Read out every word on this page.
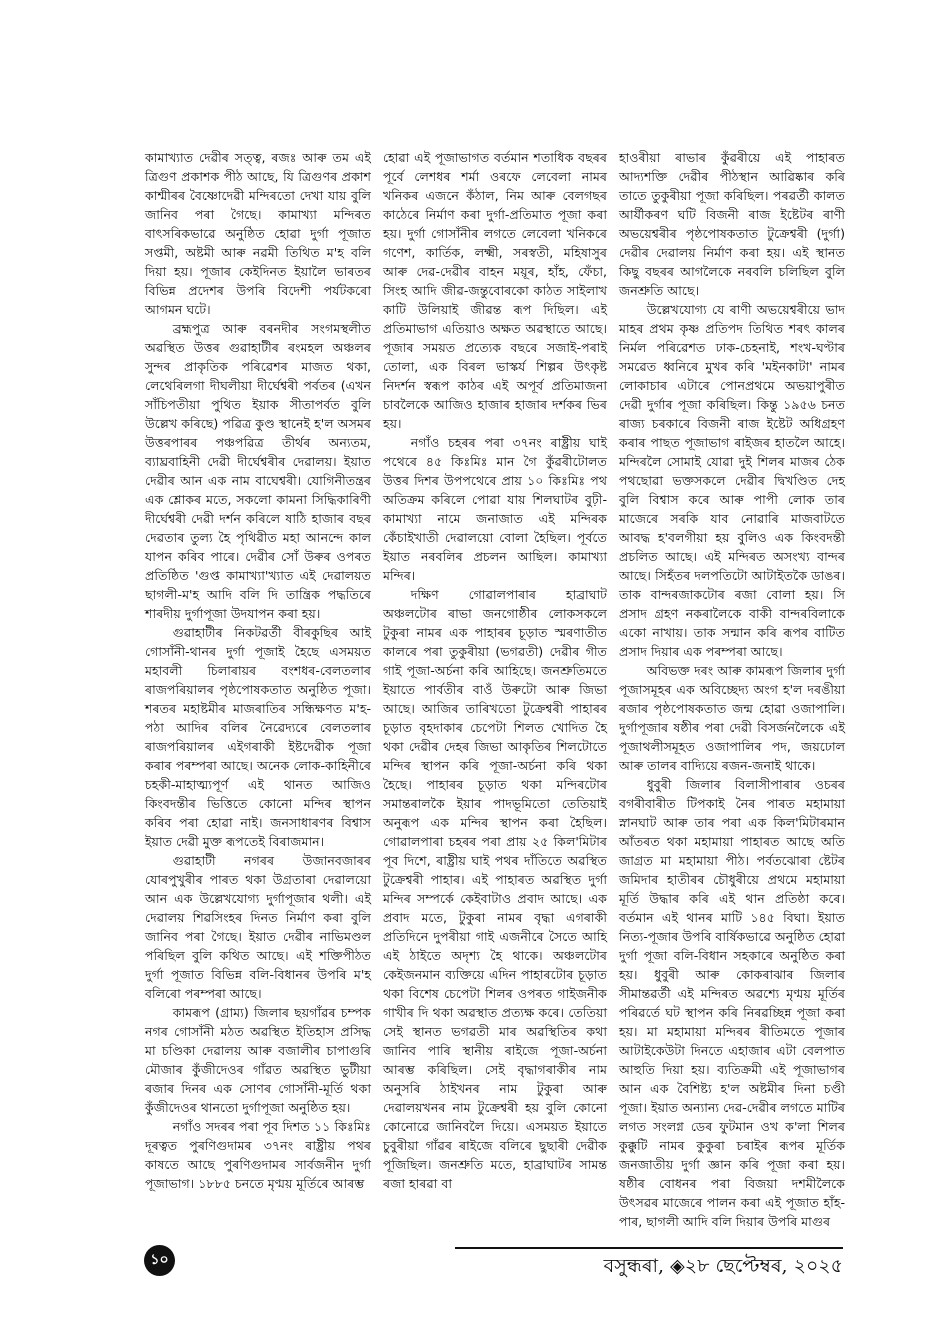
কামাখ্যাত দেৱীৰ সত্ত্ব, ৰজঃ আৰু তম এই ত্ৰিগুণ প্ৰকাশক পীঠ আছে, যি ত্ৰিগুণৰ প্ৰকাশ কাশ্মীৰৰ বৈষ্ণোদেৱী মন্দিৰতো দেখা যায় বুলি জানিব পৰা গৈছে। কামাখ্যা মন্দিৰত বাৎসৰিকভাৱে অনুষ্ঠিত হোৱা দুৰ্গা পূজাত সপ্তমী, অষ্টমী আৰু নৱমী তিথিত ম'হ বলি দিয়া হয়। পূজাৰ কেইদিনত ইয়ালৈ ভাৰতৰ বিভিন্ন প্ৰদেশৰ উপৰি বিদেশী পৰ্যটকৰো আগমন ঘটে।

ব্ৰহ্মপুত্ৰ আৰু বৰনদীৰ সংগমস্থলীত অৱস্থিত উত্তৰ গুৱাহাটীৰ ৰংমহল অঞ্চলৰ সুন্দৰ প্ৰাকৃতিক পৰিৱেশৰ মাজত থকা, লেথেৰিলগা দীঘলীয়া দীৰ্ঘেশ্বৰী পৰ্বতৰ (এখন সাঁচিপতীয়া পুথিত ইয়াক সীতাপৰ্বত বুলি উল্লেখ কৰিছে) পৱিত্ৰ কুণ্ড স্থানেই হ'ল অসমৰ উত্তৰপাৰৰ পঞ্চপৱিত্ৰ তীৰ্থৰ অন্যতম, ব্যাঘ্ৰবাহিনী দেৱী দীৰ্ঘেশ্বৰীৰ দেৱালয়। ইয়াত দেৱীৰ আন এক নাম বাঘেশ্বৰী। যোগিনীতন্ত্ৰৰ এক শ্লোকৰ মতে, সকলো কামনা সিদ্ধিকাৰিণী দীৰ্ঘেশ্বৰী দেৱী দৰ্শন কৰিলে ষাঠি হাজাৰ বছৰ দেৱতাৰ তুল্য হৈ পৃথিৱীত মহা আনন্দে কাল যাপন কৰিব পাৰে। দেৱীৰ সোঁ উৰুৰ ওপৰত প্ৰতিষ্ঠিত 'গুপ্ত কামাখ্যা'খ্যাত এই দেৱালয়ত ছাগলী-ম'হ আদি বলি দি তান্ত্ৰিক পদ্ধতিৰে শাৰদীয় দুৰ্গাপূজা উদযাপন কৰা হয়।

গুৱাহাটীৰ নিকটৱৰ্তী বীৰকুছিৰ আই গোসাঁনী-থানৰ দুৰ্গা পূজাই হৈছে এসময়ত মহাবলী চিলাৰায়ৰ বংশধৰ-বেলতলাৰ ৰাজপৰিয়ালৰ পৃষ্ঠপোষকতাত অনুষ্ঠিত পূজা। শৰতৰ মহাষ্টমীৰ মাজৰাতিৰ সন্ধিক্ষণত ম'হ-পঠা আদিৰ বলিৰ নৈৱেদ্যৰে বেলতলাৰ ৰাজপৰিয়ালৰ এইগৰাকী ইষ্টদেৱীক পূজা কৰাৰ পৰম্পৰা আছে। অনেক লোক-কাহিনীৰে চহকী-মাহাত্ম্যপূৰ্ণ এই থানত আজিও কিংবদন্তীৰ ভিত্তিতে কোনো মন্দিৰ স্থাপন কৰিব পৰা হোৱা নাই। জনসাধাৰণৰ বিশ্বাস ইয়াত দেৱী মুক্ত ৰূপতেই বিৰাজমান।

গুৱাহাটী নগৰৰ উজানবজাৰৰ যোৰপুখুৰীৰ পাৰত থকা উগ্ৰতাৰা দেৱালয়ো আন এক উল্লেখযোগ্য দুৰ্গাপূজাৰ থলী। এই দেৱালয় শিৱসিংহৰ দিনত নিৰ্মাণ কৰা বুলি জানিব পৰা গৈছে। ইয়াত দেৱীৰ নাভিমণ্ডল পৰিছিল বুলি কথিত আছে। এই শক্তিপীঠত দুৰ্গা পূজাত বিভিন্ন বলি-বিধানৰ উপৰি ম'হ বলিৰো পৰম্পৰা আছে।

কামৰূপ (গ্ৰাম্য) জিলাৰ ছয়গাঁৱৰ চম্পক নগৰ গোসাঁনী মঠত অৱস্থিত ইতিহাস প্ৰসিদ্ধ মা চণ্ডিকা দেৱালয় আৰু বজালীৰ চাপাগুৰি মৌজাৰ কুঁজীদেওৰ গাঁৱত অৱস্থিত ভুটীয়া ৰজাৰ দিনৰ এক সোণৰ গোসাঁনী-মূৰ্তি থকা কুঁজীদেওৰ থানতো দুৰ্গাপূজা অনুষ্ঠিত হয়।

নগাঁও সদৰৰ পৰা পূব দিশত ১১ কিঃমিঃ দূৰত্বত পুৰণিগুদামৰ ৩৭নং ৰাষ্ট্ৰীয় পথৰ কাষতে আছে পুৰণিগুদামৰ সাৰ্বজনীন দুৰ্গা পূজাভাগ। ১৮৮৫ চনতে মৃণ্ময় মূৰ্তিৰে আৰম্ভ

হোৱা এই পূজাভাগত বৰ্তমান শতাধিক বছৰৰ পূৰ্বে লেশধৰ শৰ্মা ওৰফে লেবেলা নামৰ খনিকৰ এজনে কঁঠাল, নিম আৰু বেলগছৰ কাঠেৰে নিৰ্মাণ কৰা দুৰ্গা-প্ৰতিমাত পূজা কৰা হয়। দুৰ্গা গোসাঁনীৰ লগতে লেবেলা খনিকৰে গণেশ, কাৰ্তিক, লক্ষ্মী, সৰস্বতী, মহিষাসুৰ আৰু দেৱ-দেৱীৰ বাহন ময়ূৰ, হাঁহ, ফেঁচা, সিংহ আদি জীৱ-জন্তুবোৰকো কাঠত সাইলাখ কাটি উলিয়াই জীৱন্ত ৰূপ দিছিল। এই প্ৰতিমাভাগ এতিয়াও অক্ষত অৱস্থাতে আছে। পূজাৰ সময়ত প্ৰত্যেক বছৰে সজাই-পৰাই তোলা, এক বিৰল ভাস্কৰ্য শিল্পৰ উৎকৃষ্ট নিদৰ্শন স্বৰূপ কাঠৰ এই অপূৰ্ব প্ৰতিমাজনা চাবলৈকে আজিও হাজাৰ হাজাৰ দৰ্শকৰ ভিৰ হয়।

নগাঁও চহৰৰ পৰা ৩৭নং ৰাষ্ট্ৰীয় ঘাই পথেৰে ৪৫ কিঃমিঃ মান গৈ কুঁৱৰীটোলত উত্তৰ দিশৰ উপপথেৰে প্ৰায় ১০ কিঃমিঃ পথ অতিক্ৰম কৰিলে পোৱা যায় শিলঘাটৰ বুঢ়ী-কামাখ্যা নামে জনাজাত এই মন্দিৰক কেঁচাইখাতী দেৱালয়ো বোলা হৈছিল। পূৰ্বতে ইয়াত নৰবলিৰ প্ৰচলন আছিল। কামাখ্যা মন্দিৰ।

দক্ষিণ গোৱালপাৰাৰ হাব্ৰাঘাট অঞ্চলটোৰ ৰাভা জনগোষ্ঠীৰ লোকসকলে টুকুৰা নামৰ এক পাহাৰৰ চূড়াত স্মৰণাতীত কালৰে পৰা তুকুৰীয়া (ভগৱতী) দেৱীৰ গীত গাই পূজা-অৰ্চনা কৰি আহিছে। জনশ্ৰুতিমতে ইয়াতে পাৰ্বতীৰ বাওঁ উৰুটো আৰু জিভা আছে। আজিৰ তাৰিখতো টুক্ৰেশ্বৰী পাহাৰৰ চূড়াত বৃহদাকাৰ চেপেটা শিলত খোদিত হৈ থকা দেৱীৰ দেহৰ জিভা আকৃতিৰ শিলটোতে মন্দিৰ স্থাপন কৰি পূজা-অৰ্চনা কৰি থকা হৈছে। পাহাৰৰ চূড়াত থকা মন্দিৰটোৰ সমান্তৰালকৈ ইয়াৰ পাদভূমিতো তেতিয়াই অনুৰূপ এক মন্দিৰ স্থাপন কৰা হৈছিল। গোৱালপাৰা চহৰৰ পৰা প্ৰায় ২৫ কিল'মিটাৰ পূব দিশে, ৰাষ্ট্ৰীয় ঘাই পথৰ দাঁতিতে অৱস্থিত টুক্ৰেশ্বৰী পাহাৰ। এই পাহাৰত অৱস্থিত দুৰ্গা মন্দিৰ সম্পৰ্কে কেইবাটাও প্ৰবাদ আছে। এক প্ৰবাদ মতে, টুকুৰা নামৰ বৃদ্ধা এগৰাকী প্ৰতিদিনে দুপৰীয়া গাই এজনীৰে সৈতে আহি এই ঠাইতে অদৃশ্য হৈ থাকে। অঞ্চলটোৰ কেইজনমান ব্যক্তিয়ে এদিন পাহাৰটোৰ চূড়াত থকা বিশেষ চেপেটা শিলৰ ওপৰত গাইজনীক গাখীৰ দি থকা অৱস্থাত প্ৰত্যক্ষ কৰে। তেতিয়া সেই স্থানত ভগৱতী মাৰ অৱস্থিতিৰ কথা জানিব পাৰি স্থানীয় ৰাইজে পূজা-অৰ্চনা আৰম্ভ কৰিছিল। সেই বৃদ্ধাগৰাকীৰ নাম অনুসৰি ঠাইখনৰ নাম টুকুৰা আৰু দেৱালয়খনৰ নাম টুক্ৰেশ্বৰী হয় বুলি কোনো কোনোৱে জানিবলৈ দিয়ে। এসময়ত ইয়াতে চুবুৰীয়া গাঁৱৰ ৰাইজে বলিৰে ছুছাৰী দেৱীক পূজিছিল। জনশ্ৰুতি মতে, হাব্ৰাঘাটৰ সামন্ত ৰজা হাৰৱা বা

হাওৰীয়া ৰাভাৰ কুঁৱৰীয়ে এই পাহাৰত আদ্যশক্তি দেৱীৰ পীঠস্থান আৱিষ্কাৰ কৰি তাতে তুকুৰীয়া পূজা কৰিছিল। পৰৱৰ্তী কালত আৰ্যীকৰণ ঘটি বিজনী ৰাজ ইষ্টেটৰ ৰাণী অভয়েশ্বৰীৰ পৃষ্ঠপোষকতাত টুক্ৰেশ্বৰী (দুৰ্গা) দেৱীৰ দেৱালয় নিৰ্মাণ কৰা হয়। এই স্থানত কিছু বছৰৰ আগলৈকে নৰবলি চলিছিল বুলি জনশ্ৰুতি আছে।

উল্লেখযোগ্য যে ৰাণী অভয়েশ্বৰীয়ে ভাদ মাহৰ প্ৰথম কৃষ্ণ প্ৰতিপদ তিথিত শৰৎ কালৰ নিৰ্মল পৰিৱেশত ঢাক-চেহনাই, শংখ-ঘণ্টাৰ সমৱেত ধ্বনিৰে মুখৰ কৰি 'মইনকাটা' নামৰ লোকাচাৰ এটাৰে পোনপ্ৰথমে অভয়াপুৰীত দেৱী দুৰ্গাৰ পূজা কৰিছিল। কিন্তু ১৯৫৬ চনত ৰাজ্য চৰকাৰে বিজনী ৰাজ ইষ্টেট অধিগ্ৰহণ কৰাৰ পাছত পূজাভাগ ৰাইজৰ হাতলৈ আহে। মন্দিৰলৈ সোমাই যোৱা দুই শিলৰ মাজৰ ঠেক পথছোৱা ভক্তসকলে দেৱীৰ দ্বিখণ্ডিত দেহ বুলি বিশ্বাস কৰে আৰু পাপী লোক তাৰ মাজেৰে সৰকি যাব নোৱাৰি মাজবাটতে আবদ্ধ হ'বলগীয়া হয় বুলিও এক কিংবদন্তী প্ৰচলিত আছে। এই মন্দিৰত অসংখ্য বান্দৰ আছে। সিহঁতৰ দলপতিটো আটাইতকৈ ডাঙৰ। তাক বান্দৰজাকটোৰ ৰজা বোলা হয়। সি প্ৰসাদ গ্ৰহণ নকৰালৈকে বাকী বান্দৰবিলাকে একো নাখায়। তাক সন্মান কৰি ৰূপৰ বাটিত প্ৰসাদ দিয়াৰ এক পৰম্পৰা আছে।

অবিভক্ত দৰং আৰু কামৰূপ জিলাৰ দুৰ্গা পূজাসমূহৰ এক অবিচ্ছেদ্য অংগ হ'ল দৰঙীয়া ৰজাৰ পৃষ্ঠপোষকতাত জন্ম হোৱা ওজাপালি। দুৰ্গাপূজাৰ ষষ্ঠীৰ পৰা দেৱী বিসৰ্জনলৈকে এই পূজাথলীসমূহত ওজাপালিৰ পদ, জয়ঢোল আৰু তালৰ বাদ্যিয়ে ৰজন-জনাই থাকে।

ধুবুৰী জিলাৰ বিলাসীপাৰাৰ ওচৰৰ বগৰীবাৰীত টিপকাই নৈৰ পাৰত মহামায়া স্নানঘাট আৰু তাৰ পৰা এক কিল'মিটাৰমান আঁতৰত থকা মহামায়া পাহাৰত আছে অতি জাগ্ৰত মা মহামায়া পীঠ। পৰ্বতঝোৰা ষ্টেটৰ জমিদাৰ হাতীৰৰ চৌধুৰীয়ে প্ৰথমে মহামায়া মূৰ্তি উদ্ধাৰ কৰি এই থান প্ৰতিষ্ঠা কৰে। বৰ্তমান এই থানৰ মাটি ১৪৫ বিঘা। ইয়াত নিত্য-পূজাৰ উপৰি বাৰ্ষিকভাৱে অনুষ্ঠিত হোৱা দুৰ্গা পূজা বলি-বিধান সহকাৰে অনুষ্ঠিত কৰা হয়। ধুবুৰী আৰু কোকৰাঝাৰ জিলাৰ সীমান্তৱৰ্তী এই মন্দিৰত অৱশ্যে মৃণ্ময় মূৰ্তিৰ পৰিৱৰ্তে ঘট স্থাপন কৰি নিৰৱচ্ছিন্ন পূজা কৰা হয়। মা মহামায়া মন্দিৰৰ ৰীতিমতে পূজাৰ আটাইকেউটা দিনতে এহাজাৰ এটা বেলপাত আহুতি দিয়া হয়। ব্যতিক্ৰমী এই পূজাভাগৰ আন এক বৈশিষ্ট্য হ'ল অষ্টমীৰ দিনা চণ্ডী পূজা। ইয়াত অন্যান্য দেৱ-দেৱীৰ লগতে মাটিৰ লগত সংলগ্ন ডেৰ ফুটমান ওখ ক'লা শিলৰ কুক্কুটি নামৰ কুকুৰা চৰাইৰ ৰূপৰ মূৰ্তিক জনজাতীয় দুৰ্গা জ্ঞান কৰি পূজা কৰা হয়। ষষ্ঠীৰ বোধনৰ পৰা বিজয়া দশমীলৈকে উৎসৱৰ মাজেৰে পালন কৰা এই পূজাত হাঁহ-পাৰ, ছাগলী আদি বলি দিয়াৰ উপৰি মাগুৰ

১০	বসুন্ধৰা, ◈২৮ ছেপ্টেম্বৰ, ২০২৫
